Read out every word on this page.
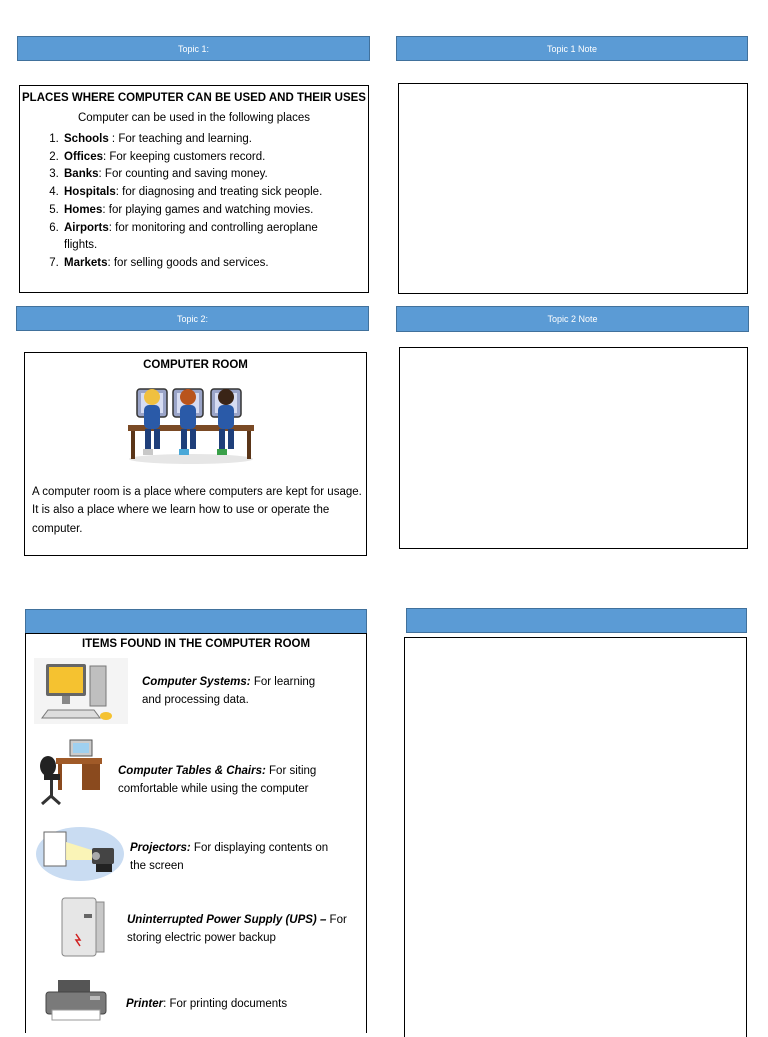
Topic 1:	Topic 1 Note
PLACES WHERE COMPUTER CAN BE USED AND THEIR USES
Computer can be used in the following places
1. Schools : For teaching and learning.
2. Offices: For keeping customers record.
3. Banks: For counting and saving money.
4. Hospitals: for diagnosing and treating sick people.
5. Homes: for playing games and watching movies.
6. Airports: for monitoring and controlling aeroplane flights.
7. Markets: for selling goods and services.
Topic 2:	Topic 2 Note
COMPUTER ROOM
A computer room is a place where computers are kept for usage. It is also a place where we learn how to use or operate the computer.
ITEMS FOUND IN THE COMPUTER ROOM
Computer Systems: For learning and processing data.
Computer Tables & Chairs: For siting comfortable while using the computer
Projectors: For displaying contents on the screen
Uninterrupted Power Supply (UPS) – For storing electric power backup
Printer: For printing documents
